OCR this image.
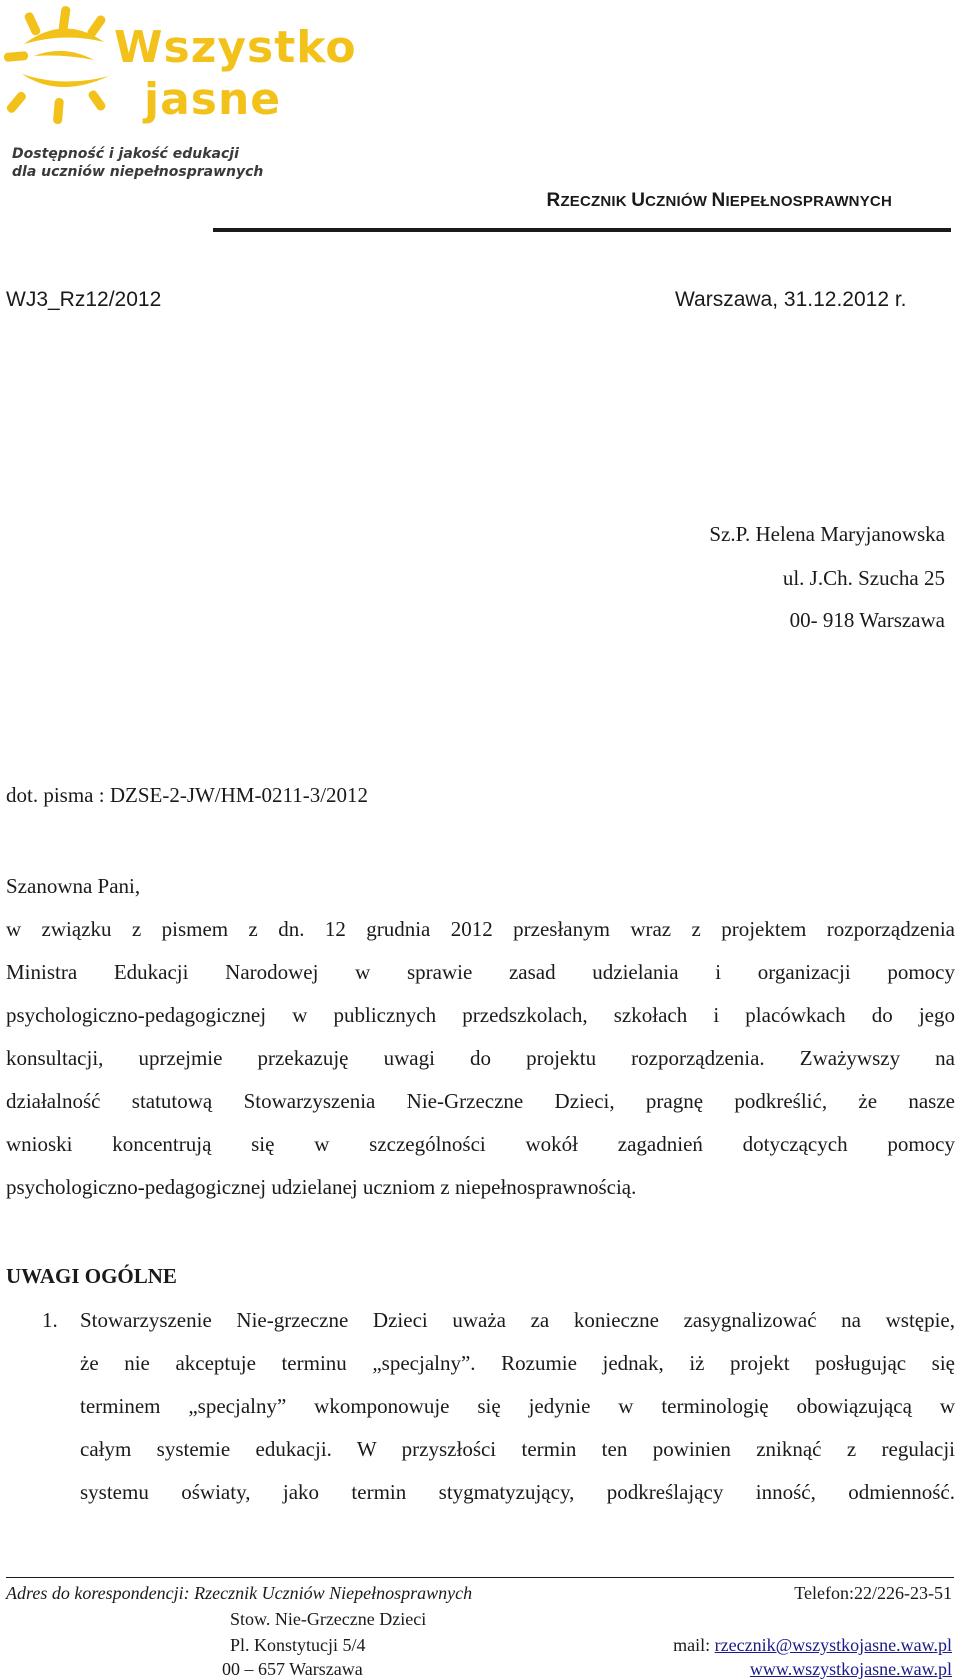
Wszystko
jasne
Dostępność i jakość edukacji
dla uczniów niepełnosprawnych
RZECZNIK UCZNIÓW NIEPEŁNOSPRAWNYCH
WJ3_Rz12/2012	Warszawa, 31.12.2012 r.
Sz.P. Helena Maryjanowska
ul. J.Ch. Szucha 25
00- 918 Warszawa
dot. pisma : DZSE-2-JW/HM-0211-3/2012
Szanowna Pani,
w związku z pismem z dn. 12 grudnia 2012 przesłanym wraz z projektem rozporządzenia
Ministra Edukacji Narodowej w sprawie zasad udzielania i organizacji pomocy
psychologiczno-pedagogicznej w publicznych przedszkolach, szkołach i placówkach do jego
konsultacji, uprzejmie przekazuję uwagi do projektu rozporządzenia. Zważywszy na
działalność statutową Stowarzyszenia Nie-Grzeczne Dzieci, pragnę podkreślić, że nasze
wnioski koncentrują się w szczególności wokół zagadnień dotyczących pomocy
psychologiczno-pedagogicznej udzielanej uczniom z niepełnosprawnością.
UWAGI OGÓLNE
1. Stowarzyszenie Nie-grzeczne Dzieci uważa za konieczne zasygnalizować na wstępie,
że nie akceptuje terminu „specjalny”. Rozumie jednak, iż projekt posługując się
terminem „specjalny” wkomponowuje się jedynie w terminologię obowiązującą w
całym systemie edukacji. W przyszłości termin ten powinien zniknąć z regulacji
systemu oświaty, jako termin stygmatyzujący, podkreślający inność, odmienność.
Adres do korespondencji: Rzecznik Uczniów Niepełnosprawnych
Stow. Nie-Grzeczne Dzieci
Pl. Konstytucji 5/4
00 – 657 Warszawa
Telefon:22/226-23-51
mail: rzecznik@wszystkojasne.waw.pl
www.wszystkojasne.waw.pl
